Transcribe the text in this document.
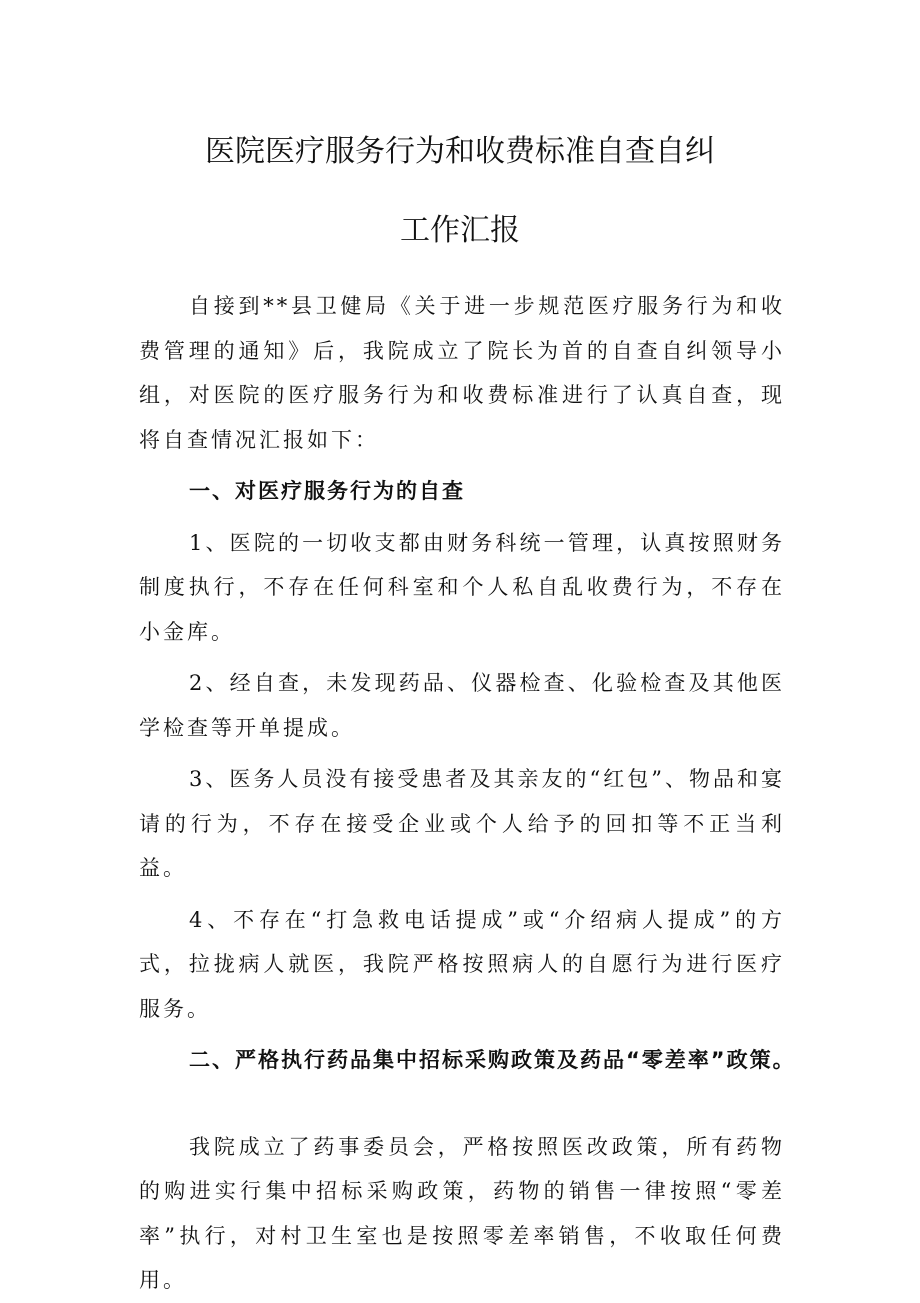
医院医疗服务行为和收费标准自查自纠
工作汇报

自接到**县卫健局《关于进一步规范医疗服务行为和收费管理的通知》后，我院成立了院长为首的自查自纠领导小组，对医院的医疗服务行为和收费标准进行了认真自查，现将自查情况汇报如下：

一、对医疗服务行为的自查

1、医院的一切收支都由财务科统一管理，认真按照财务制度执行，不存在任何科室和个人私自乱收费行为，不存在小金库。

2、经自查，未发现药品、仪器检查、化验检查及其他医学检查等开单提成。

3、医务人员没有接受患者及其亲友的“红包”、物品和宴请的行为，不存在接受企业或个人给予的回扣等不正当利益。

4、不存在“打急救电话提成”或“介绍病人提成”的方式，拉拢病人就医，我院严格按照病人的自愿行为进行医疗服务。

二、严格执行药品集中招标采购政策及药品“零差率”政策。

我院成立了药事委员会，严格按照医改政策，所有药物的购进实行集中招标采购政策，药物的销售一律按照“零差率”执行，对村卫生室也是按照零差率销售，不收取任何费用。
